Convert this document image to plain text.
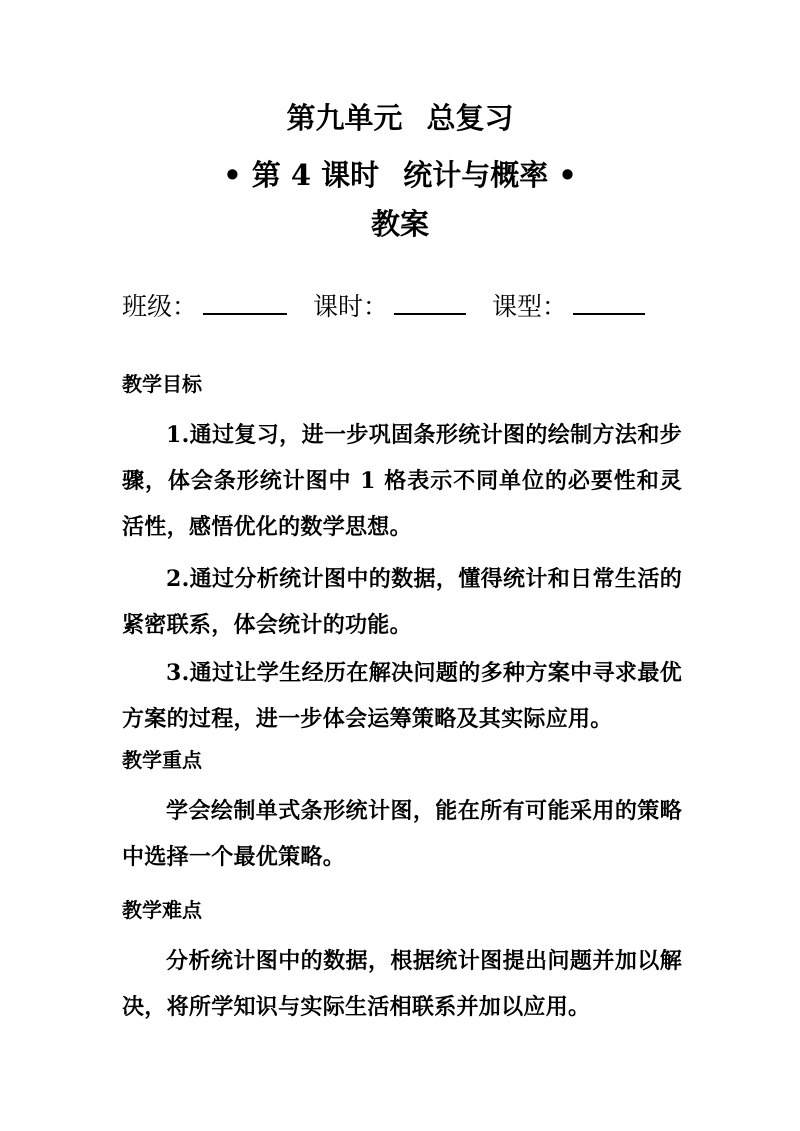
第九单元 总复习
• 第 4 课时 统计与概率 •
教案
班级：	课时：	课型：
教学目标
1.通过复习，进一步巩固条形统计图的绘制方法和步骤，体会条形统计图中 1 格表示不同单位的必要性和灵活性，感悟优化的数学思想。
2.通过分析统计图中的数据，懂得统计和日常生活的紧密联系，体会统计的功能。
3.通过让学生经历在解决问题的多种方案中寻求最优方案的过程，进一步体会运筹策略及其实际应用。
教学重点
学会绘制单式条形统计图，能在所有可能采用的策略中选择一个最优策略。
教学难点
分析统计图中的数据，根据统计图提出问题并加以解决，将所学知识与实际生活相联系并加以应用。
